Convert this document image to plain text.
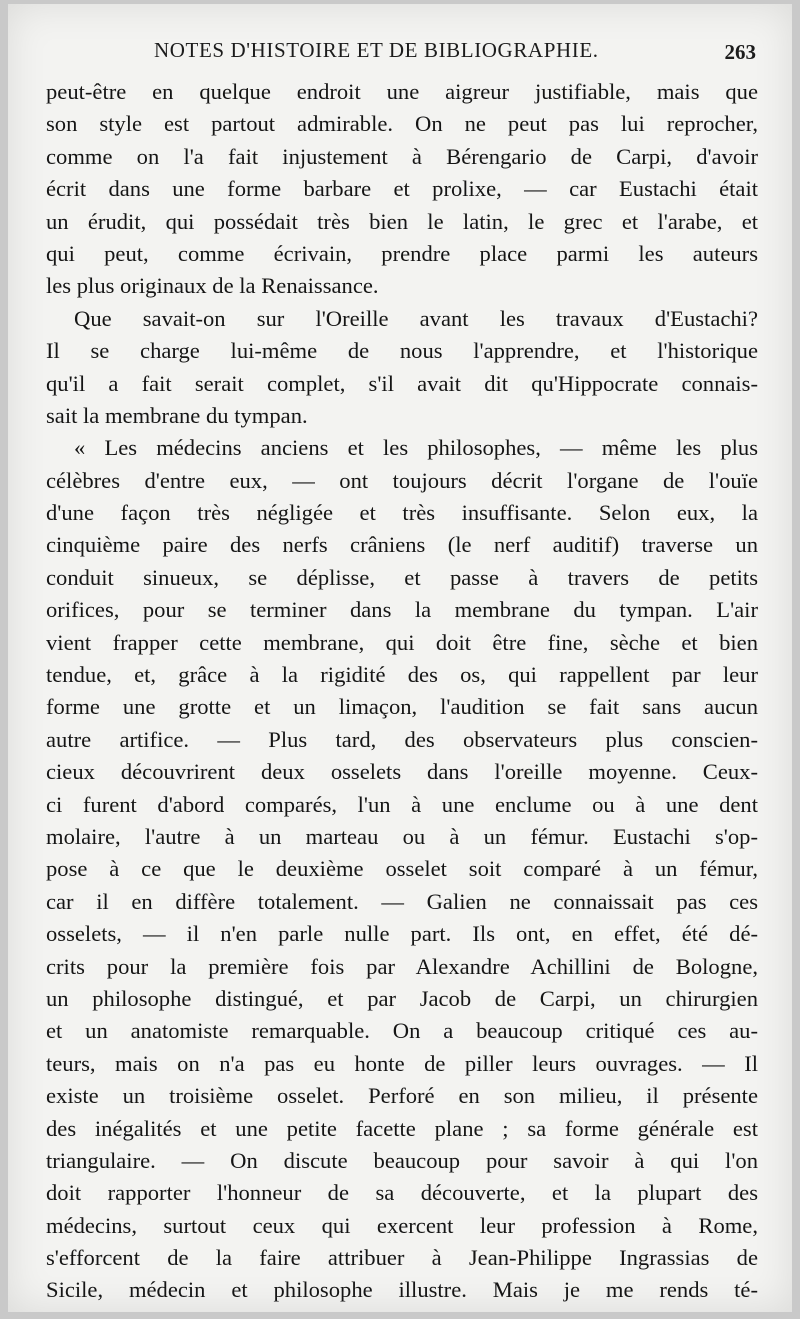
NOTES D'HISTOIRE ET DE BIBLIOGRAPHIE.	263
peut-être en quelque endroit une aigreur justifiable, mais que
son style est partout admirable. On ne peut pas lui reprocher,
comme on l'a fait injustement à Bérengario de Carpi, d'avoir
écrit dans une forme barbare et prolixe, — car Eustachi était
un érudit, qui possédait très bien le latin, le grec et l'arabe, et
qui peut, comme écrivain, prendre place parmi les auteurs
les plus originaux de la Renaissance.
Que savait-on sur l'Oreille avant les travaux d'Eustachi?
Il se charge lui-même de nous l'apprendre, et l'historique
qu'il a fait serait complet, s'il avait dit qu'Hippocrate connais-
sait la membrane du tympan.
« Les médecins anciens et les philosophes, — même les plus
célèbres d'entre eux, — ont toujours décrit l'organe de l'ouïe
d'une façon très négligée et très insuffisante. Selon eux, la
cinquième paire des nerfs crâniens (le nerf auditif) traverse un
conduit sinueux, se déplisse, et passe à travers de petits
orifices, pour se terminer dans la membrane du tympan. L'air
vient frapper cette membrane, qui doit être fine, sèche et bien
tendue, et, grâce à la rigidité des os, qui rappellent par leur
forme une grotte et un limaçon, l'audition se fait sans aucun
autre artifice. — Plus tard, des observateurs plus conscien-
cieux découvrirent deux osselets dans l'oreille moyenne. Ceux-
ci furent d'abord comparés, l'un à une enclume ou à une dent
molaire, l'autre à un marteau ou à un fémur. Eustachi s'op-
pose à ce que le deuxième osselet soit comparé à un fémur,
car il en diffère totalement. — Galien ne connaissait pas ces
osselets, — il n'en parle nulle part. Ils ont, en effet, été dé-
crits pour la première fois par Alexandre Achillini de Bologne,
un philosophe distingué, et par Jacob de Carpi, un chirurgien
et un anatomiste remarquable. On a beaucoup critiqué ces au-
teurs, mais on n'a pas eu honte de piller leurs ouvrages. — Il
existe un troisième osselet. Perforé en son milieu, il présente
des inégalités et une petite facette plane ; sa forme générale est
triangulaire. — On discute beaucoup pour savoir à qui l'on
doit rapporter l'honneur de sa découverte, et la plupart des
médecins, surtout ceux qui exercent leur profession à Rome,
s'efforcent de la faire attribuer à Jean-Philippe Ingrassias de
Sicile, médecin et philosophe illustre. Mais je me rends té-
